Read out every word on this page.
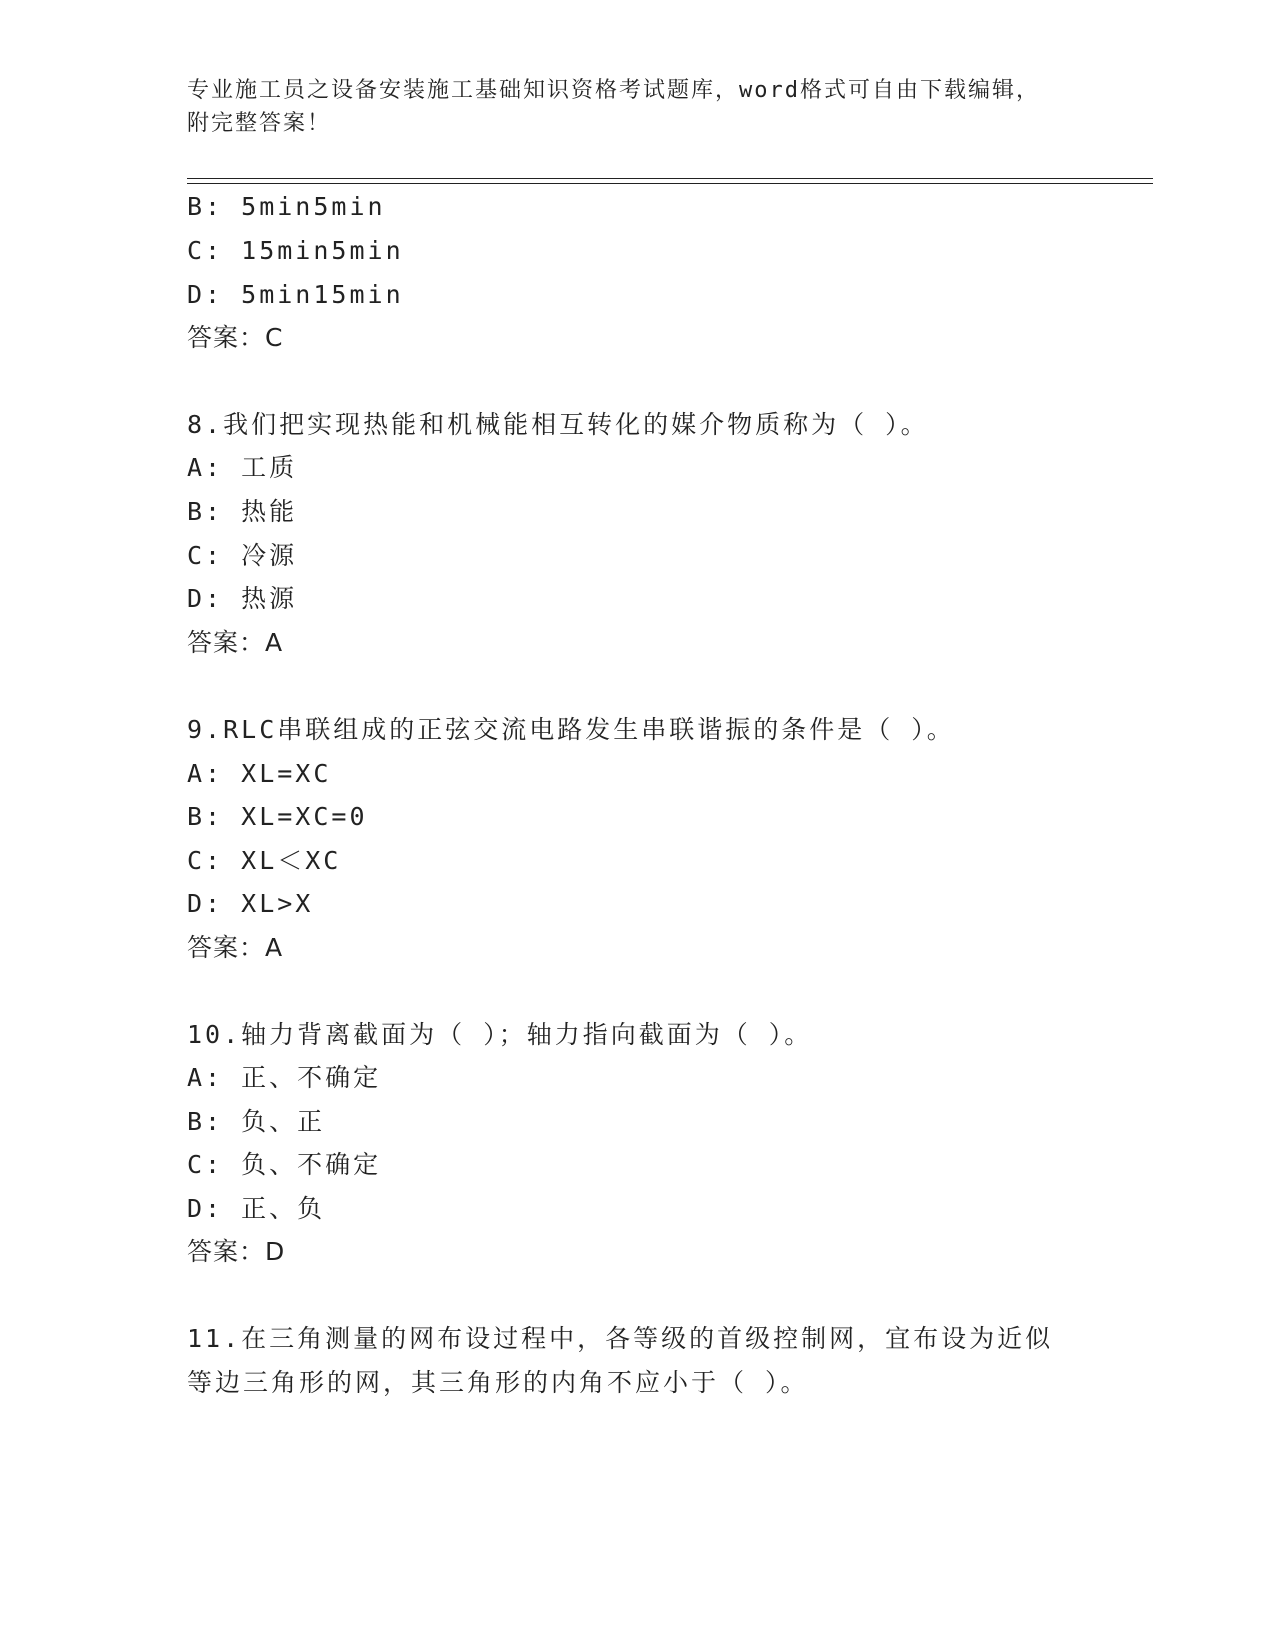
专业施工员之设备安装施工基础知识资格考试题库，word格式可自由下载编辑，
附完整答案！
B: 5min5min
C: 15min5min
D: 5min15min
答案：C
8.我们把实现热能和机械能相互转化的媒介物质称为（ ）。
A: 工质
B: 热能
C: 冷源
D: 热源
答案：A
9.RLC串联组成的正弦交流电路发生串联谐振的条件是（ ）。
A: XL=XC
B: XL=XC=0
C: XL＜XC
D: XL>X
答案：A
10.轴力背离截面为（ ）；轴力指向截面为（ ）。
A: 正、不确定
B: 负、正
C: 负、不确定
D: 正、负
答案：D
11.在三角测量的网布设过程中，各等级的首级控制网，宜布设为近似
等边三角形的网，其三角形的内角不应小于（ ）。
